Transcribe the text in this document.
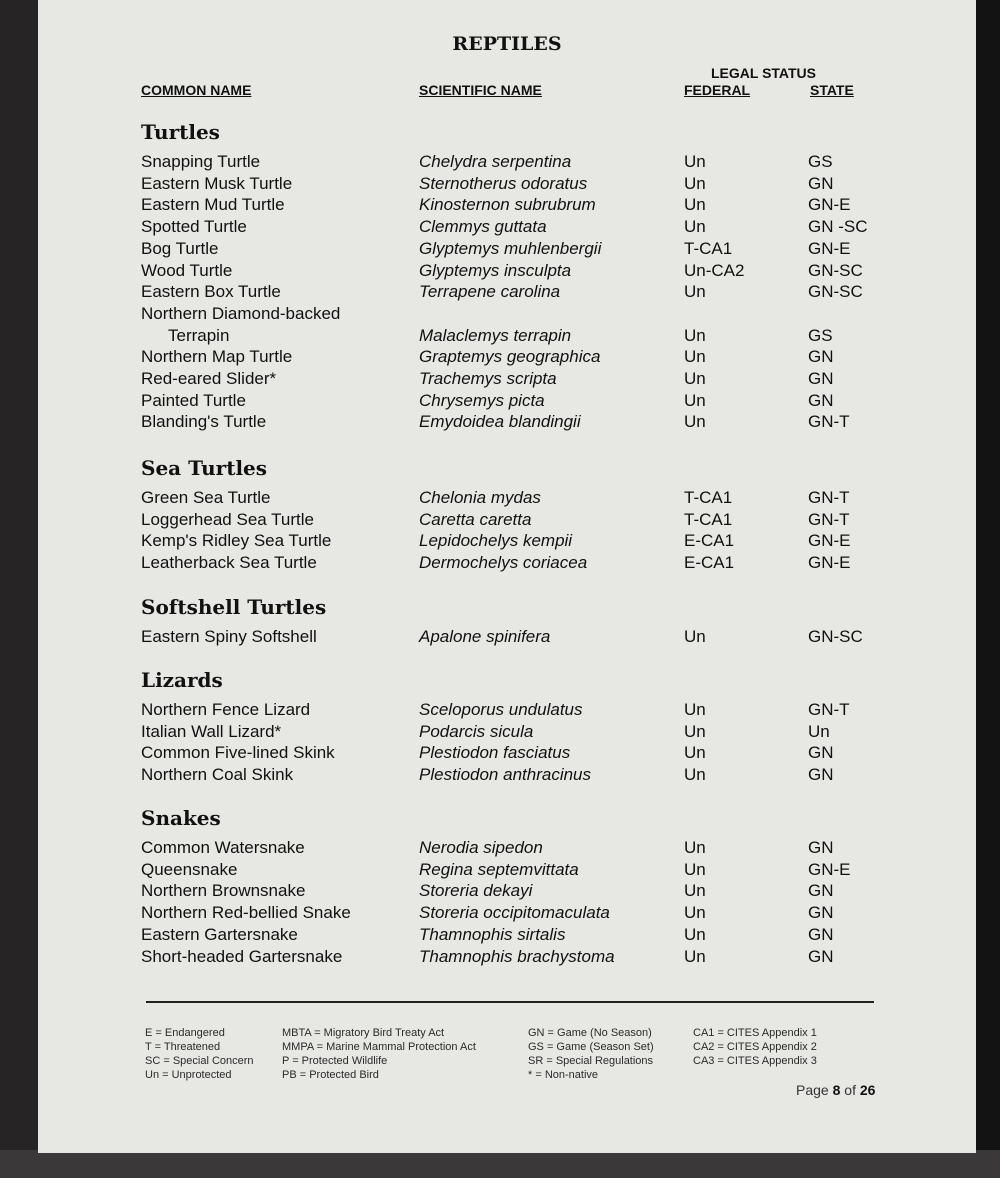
REPTILES
LEGAL STATUS
COMMON NAME	SCIENTIFIC NAME	FEDERAL	STATE
Turtles
Snapping Turtle	Chelydra serpentina	Un	GS
Eastern Musk Turtle	Sternotherus odoratus	Un	GN
Eastern Mud Turtle	Kinosternon subrubrum	Un	GN-E
Spotted Turtle	Clemmys guttata	Un	GN -SC
Bog Turtle	Glyptemys muhlenbergii	T-CA1	GN-E
Wood Turtle	Glyptemys insculpta	Un-CA2	GN-SC
Eastern Box Turtle	Terrapene carolina	Un	GN-SC
Northern Diamond-backed
Terrapin	Malaclemys terrapin	Un	GS
Northern Map Turtle	Graptemys geographica	Un	GN
Red-eared Slider*	Trachemys scripta	Un	GN
Painted Turtle	Chrysemys picta	Un	GN
Blanding's Turtle	Emydoidea blandingii	Un	GN-T
Sea Turtles
Green Sea Turtle	Chelonia mydas	T-CA1	GN-T
Loggerhead Sea Turtle	Caretta caretta	T-CA1	GN-T
Kemp's Ridley Sea Turtle	Lepidochelys kempii	E-CA1	GN-E
Leatherback Sea Turtle	Dermochelys coriacea	E-CA1	GN-E
Softshell Turtles
Eastern Spiny Softshell	Apalone spinifera	Un	GN-SC
Lizards
Northern Fence Lizard	Sceloporus undulatus	Un	GN-T
Italian Wall Lizard*	Podarcis sicula	Un	Un
Common Five-lined Skink	Plestiodon fasciatus	Un	GN
Northern Coal Skink	Plestiodon anthracinus	Un	GN
Snakes
Common Watersnake	Nerodia sipedon	Un	GN
Queensnake	Regina septemvittata	Un	GN-E
Northern Brownsnake	Storeria dekayi	Un	GN
Northern Red-bellied Snake	Storeria occipitomaculata	Un	GN
Eastern Gartersnake	Thamnophis sirtalis	Un	GN
Short-headed Gartersnake	Thamnophis brachystoma	Un	GN
E = Endangered
T = Threatened
SC = Special Concern
Un = Unprotected
MBTA = Migratory Bird Treaty Act
MMPA = Marine Mammal Protection Act
P = Protected Wildlife
PB = Protected Bird
GN = Game (No Season)
GS = Game (Season Set)
SR = Special Regulations
* = Non-native
CA1 = CITES Appendix 1
CA2 = CITES Appendix 2
CA3 = CITES Appendix 3
Page 8 of 26
